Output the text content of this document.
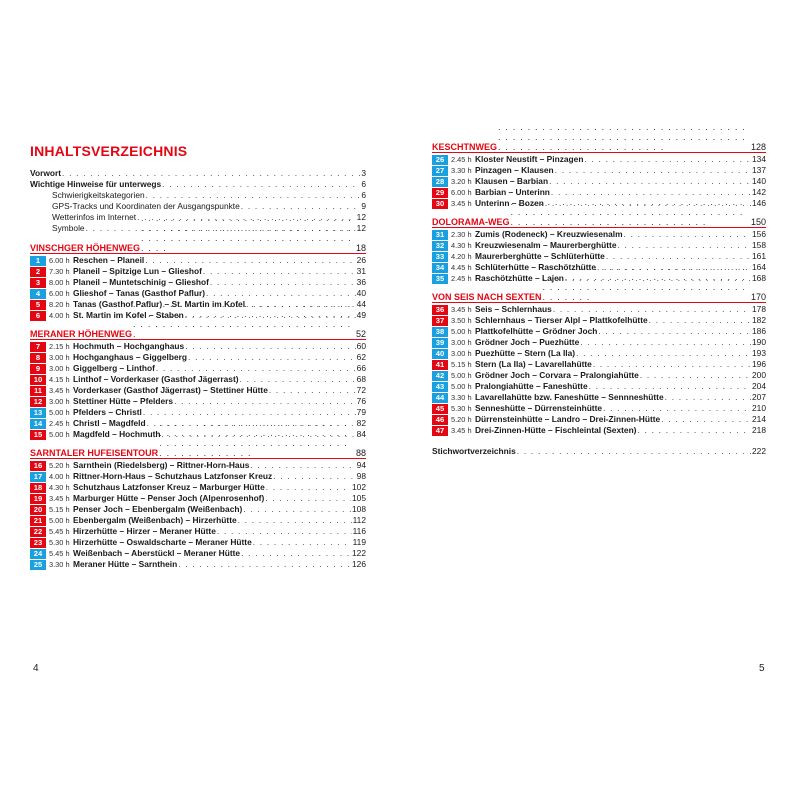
INHALTSVERZEICHNIS
Vorwort . . .	3
Wichtige Hinweise für unterwegs . . .	6
Schwierigkeitskategorien . . .	6
GPS-Tracks und Koordinaten der Ausgangspunkte . . .	9
Wetterinfos im Internet . . .	12
Symbole . . .	12
VINSCHGER HÖHENWEG . . .	18
1	6.00 h Reschen – Planeil . . .	26
2	7.30 h Planeil – Spitzige Lun – Glieshof . . .	31
3	8.00 h Planeil – Muntetschinig – Glieshof . . .	36
4	6.00 h Glieshof – Tanas (Gasthof Paflur) . . .	40
5	8.20 h Tanas (Gasthof Paflur) – St. Martin im Kofel . . .	44
6	4.00 h St. Martin im Kofel – Staben . . .	49
MERANER HÖHENWEG . . .	52
7	2.15 h Hochmuth – Hochganghaus . . .	60
8	3.00 h Hochganghaus – Giggelberg . . .	62
9	3.00 h Giggelberg – Linthof . . .	66
10 4.15 h Linthof – Vorderkaser (Gasthof Jägerrast) . . .	68
11 3.45 h Vorderkaser (Gasthof Jägerrast) – Stettiner Hütte . . .	72
12 3.00 h Stettiner Hütte – Pfelders . . .	76
13 5.00 h Pfelders – Christl . . .	79
14 2.45 h Christl – Magdfeld . . .	82
15 5.00 h Magdfeld – Hochmuth . . .	84
SARNTALER HUFEISENTOUR . . .	88
16 5.20 h Sarnthein (Riedelsberg) – Rittner-Horn-Haus . . .	94
17 4.00 h Rittner-Horn-Haus – Schutzhaus Latzfonser Kreuz . . .	98
18 4.30 h Schutzhaus Latzfonser Kreuz – Marburger Hütte . . .	102
19 3.45 h Marburger Hütte – Penser Joch (Alpenrosenhof) . . .	105
20 5.15 h Penser Joch – Ebenbergalm (Weißenbach) . . .	108
21 5.00 h Ebenbergalm (Weißenbach) – Hirzerhütte . . .	112
22 5.45 h Hirzerhütte – Hirzer – Meraner Hütte . . .	116
23 5.30 h Hirzerhütte – Oswaldscharte – Meraner Hütte . . .	119
24 5.45 h Weißenbach – Aberstückl – Meraner Hütte . . .	122
25 3.30 h Meraner Hütte – Sarnthein . . .	126
KESCHTNWEG . . .	128
26 2.45 h Kloster Neustift – Pinzagen . . .	134
27 3.30 h Pinzagen – Klausen . . .	137
28 3.20 h Klausen – Barbian . . .	140
29 6.00 h Barbian – Unterinn . . .	142
30 3.45 h Unterinn – Bozen . . .	146
DOLORAMA-WEG . . .	150
31 2.30 h Zumis (Rodeneck) – Kreuzwiesenalm . . .	156
32 4.30 h Kreuzwiesenalm – Maurerberghütte . . .	158
33 4.20 h Maurerberghütte – Schlüterhütte . . .	161
34 4.45 h Schlüterhütte – Raschötzhütte . . .	164
35 2.45 h Raschötzhütte – Lajen . . .	168
VON SEIS NACH SEXTEN . . .	170
36 3.45 h Seis – Schlernhaus . . .	178
37 3.50 h Schlernhaus – Tierser Alpl – Plattkofelhütte . . .	182
38 5.00 h Plattkofelhütte – Grödner Joch . . .	186
39 3.00 h Grödner Joch – Puezhütte . . .	190
40 3.00 h Puezhütte – Stern (La Ila) . . .	193
41 5.15 h Stern (La Ila) – Lavarellahütte . . .	196
42 5.00 h Grödner Joch – Corvara – Pralongiahütte . . .	200
43 5.00 h Pralongiahütte – Faneshütte . . .	204
44 3.30 h Lavarellahütte bzw. Faneshütte – Sennneshütte . . .	207
45 5.30 h Senneshütte – Dürrensteinhütte . . .	210
46 5.20 h Dürrensteinhütte – Landro – Drei-Zinnen-Hütte . . .	214
47 3.45 h Drei-Zinnen-Hütte – Fischleintal (Sexten) . . .	218
Stichwortverzeichnis . . .	222
4	5
